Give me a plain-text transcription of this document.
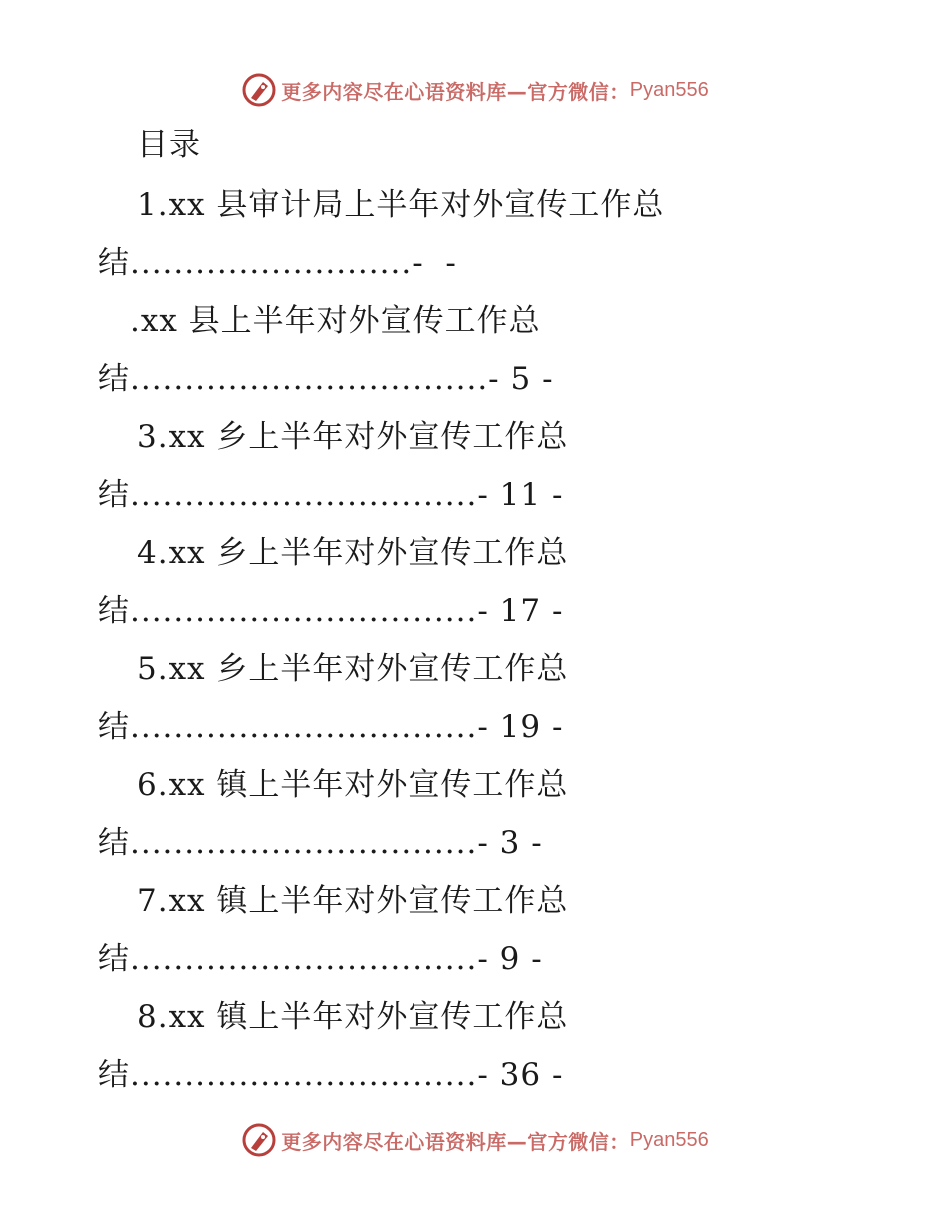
更多内容尽在心语资料库—官方微信： Pyan556
目录
1.xx 县审计局上半年对外宣传工作总
结..........................-  -
.xx 县上半年对外宣传工作总
结.................................- 5 -
3.xx 乡上半年对外宣传工作总
结................................- 11 -
4.xx 乡上半年对外宣传工作总
结................................- 17 -
5.xx 乡上半年对外宣传工作总
结................................- 19 -
6.xx 镇上半年对外宣传工作总
结................................- 3 -
7.xx 镇上半年对外宣传工作总
结................................- 9 -
8.xx 镇上半年对外宣传工作总
结................................- 36 -
更多内容尽在心语资料库—官方微信： Pyan556
